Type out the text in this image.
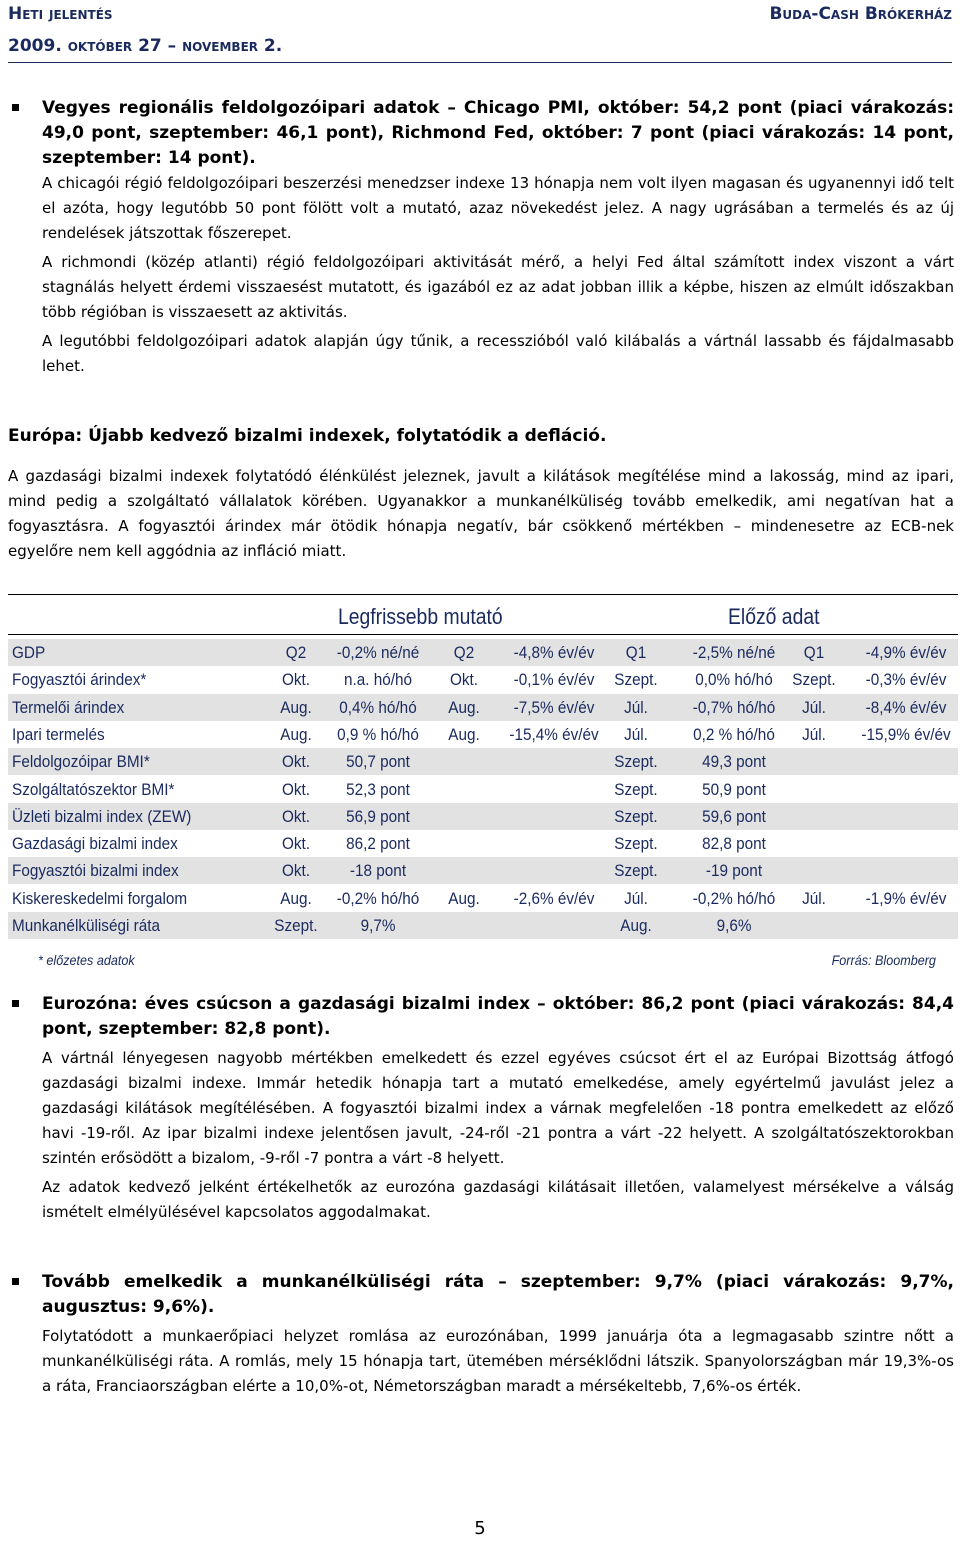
Heti jelentés	Buda-Cash Brókerház
2009. október 27 – november 2.
Vegyes regionális feldolgozóipari adatok – Chicago PMI, október: 54,2 pont (piaci várakozás: 49,0 pont, szeptember: 46,1 pont), Richmond Fed, október: 7 pont (piaci várakozás: 14 pont, szeptember: 14 pont).

A chicagói régió feldolgozóipari beszerzési menedzser indexe 13 hónapja nem volt ilyen magasan és ugyanennyi idő telt el azóta, hogy legutóbb 50 pont fölött volt a mutató, azaz növekedést jelez. A nagy ugrásában a termelés és az új rendelések játszottak főszerepet.

A richmondi (közép atlanti) régió feldolgozóipari aktivitását mérő, a helyi Fed által számított index viszont a várt stagnálás helyett érdemi visszaesést mutatott, és igazából ez az adat jobban illik a képbe, hiszen az elmúlt időszakban több régióban is visszaesett az aktivitás.

A legutóbbi feldolgozóipari adatok alapján úgy tűnik, a recesszióból való kilábalás a vártnál lassabb és fájdalmasabb lehet.

Európa: Újabb kedvező bizalmi indexek, folytatódik a defláció.

A gazdasági bizalmi indexek folytatódó élénkülést jeleznek, javult a kilátások megítélése mind a lakosság, mind az ipari, mind pedig a szolgáltató vállalatok körében. Ugyanakkor a munkanélküliség tovább emelkedik, ami negatívan hat a fogyasztásra. A fogyasztói árindex már ötödik hónapja negatív, bár csökkenő mértékben – mindenesetre az ECB-nek egyelőre nem kell aggódnia az infláció miatt.

Legfrissebb mutató	Előző adat
GDP	Q2 -0,2% né/né Q2 -4,8% év/év Q1	-2,5% né/né Q1 -4,9% év/év
Fogyasztói árindex*	Okt. n.a. hó/hó Okt. -0,1% év/év Szept. 0,0% hó/hó Szept. -0,3% év/év
Termelői árindex	Aug. 0,4% hó/hó Aug. -7,5% év/év Júl.	-0,7% hó/hó Júl. -8,4% év/év
Ipari termelés	Aug. 0,9 % hó/hó Aug. -15,4% év/év Júl.	0,2 % hó/hó Júl. -15,9% év/év
Feldolgozóipar BMI*	Okt. 50,7 pont	Szept.	49,3 pont
Szolgáltatószektor BMI*	Okt. 52,3 pont	Szept.	50,9 pont
Üzleti bizalmi index (ZEW)	Okt. 56,9 pont	Szept.	59,6 pont
Gazdasági bizalmi index	Okt. 86,2 pont	Szept.	82,8 pont
Fogyasztói bizalmi index	Okt. -18 pont	Szept.	-19 pont
Kiskereskedelmi forgalom	Aug. -0,2% hó/hó Aug. -2,6% év/év Júl.	-0,2% hó/hó Júl. -1,9% év/év
Munkanélküliségi ráta	Szept.	9,7%	Aug.	9,6%
* előzetes adatok	Forrás: Bloomberg
Eurozóna: éves csúcson a gazdasági bizalmi index – október: 86,2 pont (piaci várakozás: 84,4 pont, szeptember: 82,8 pont).

A vártnál lényegesen nagyobb mértékben emelkedett és ezzel egyéves csúcsot ért el az Európai Bizottság átfogó gazdasági bizalmi indexe. Immár hetedik hónapja tart a mutató emelkedése, amely egyértelmű javulást jelez a gazdasági kilátások megítélésében. A fogyasztói bizalmi index a várnak megfelelően -18 pontra emelkedett az előző havi -19-ről. Az ipar bizalmi indexe jelentősen javult, -24-ről -21 pontra a várt -22 helyett. A szolgáltatószektorokban szintén erősödött a bizalom, -9-ről -7 pontra a várt -8 helyett.

Az adatok kedvező jelként értékelhetők az eurozóna gazdasági kilátásait illetően, valamelyest mérsékelve a válság ismételt elmélyülésével kapcsolatos aggodalmakat.

Tovább emelkedik a munkanélküliségi ráta – szeptember: 9,7% (piaci várakozás: 9,7%, augusztus: 9,6%).

Folytatódott a munkaerőpiaci helyzet romlása az eurozónában, 1999 januárja óta a legmagasabb szintre nőtt a munkanélküliségi ráta. A romlás, mely 15 hónapja tart, ütemében mérséklődni látszik. Spanyolországban már 19,3%-os a ráta, Franciaországban elérte a 10,0%-ot, Németországban maradt a mérsékeltebb, 7,6%-os érték.

5
